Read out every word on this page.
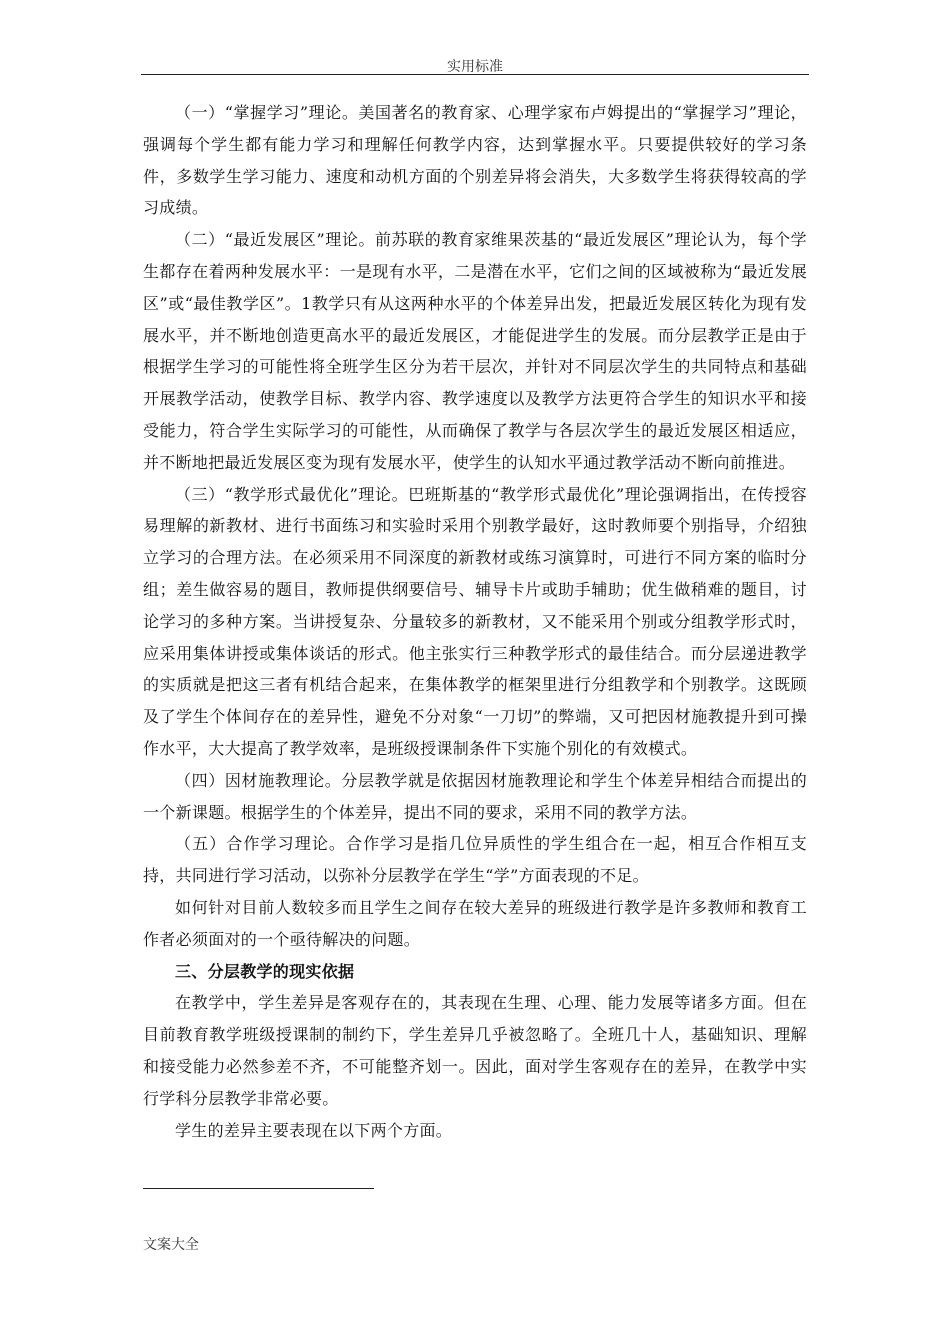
实用标准

（一）“掌握学习”理论。美国著名的教育家、心理学家布卢姆提出的“掌握学习”理论，强调每个学生都有能力学习和理解任何教学内容，达到掌握水平。只要提供较好的学习条件，多数学生学习能力、速度和动机方面的个别差异将会消失，大多数学生将获得较高的学习成绩。

（二）“最近发展区”理论。前苏联的教育家维果茨基的“最近发展区”理论认为，每个学生都存在着两种发展水平：一是现有水平，二是潜在水平，它们之间的区域被称为“最近发展区”或“最佳教学区”。1教学只有从这两种水平的个体差异出发，把最近发展区转化为现有发展水平，并不断地创造更高水平的最近发展区，才能促进学生的发展。而分层教学正是由于根据学生学习的可能性将全班学生区分为若干层次，并针对不同层次学生的共同特点和基础开展教学活动，使教学目标、教学内容、教学速度以及教学方法更符合学生的知识水平和接受能力，符合学生实际学习的可能性，从而确保了教学与各层次学生的最近发展区相适应，并不断地把最近发展区变为现有发展水平，使学生的认知水平通过教学活动不断向前推进。

（三）“教学形式最优化”理论。巴班斯基的“教学形式最优化”理论强调指出，在传授容易理解的新教材、进行书面练习和实验时采用个别教学最好，这时教师要个别指导，介绍独立学习的合理方法。在必须采用不同深度的新教材或练习演算时，可进行不同方案的临时分组；差生做容易的题目，教师提供纲要信号、辅导卡片或助手辅助；优生做稍难的题目，讨论学习的多种方案。当讲授复杂、分量较多的新教材，又不能采用个别或分组教学形式时，应采用集体讲授或集体谈话的形式。他主张实行三种教学形式的最佳结合。而分层递进教学的实质就是把这三者有机结合起来，在集体教学的框架里进行分组教学和个别教学。这既顾及了学生个体间存在的差异性，避免不分对象“一刀切”的弊端，又可把因材施教提升到可操作水平，大大提高了教学效率，是班级授课制条件下实施个别化的有效模式。

（四）因材施教理论。分层教学就是依据因材施教理论和学生个体差异相结合而提出的一个新课题。根据学生的个体差异，提出不同的要求，采用不同的教学方法。

（五）合作学习理论。合作学习是指几位异质性的学生组合在一起，相互合作相互支持，共同进行学习活动，以弥补分层教学在学生“学”方面表现的不足。

如何针对目前人数较多而且学生之间存在较大差异的班级进行教学是许多教师和教育工作者必须面对的一个亟待解决的问题。

三、分层教学的现实依据

在教学中，学生差异是客观存在的，其表现在生理、心理、能力发展等诸多方面。但在目前教育教学班级授课制的制约下，学生差异几乎被忽略了。全班几十人，基础知识、理解和接受能力必然参差不齐，不可能整齐划一。因此，面对学生客观存在的差异，在教学中实行学科分层教学非常必要。

学生的差异主要表现在以下两个方面。

文案大全
